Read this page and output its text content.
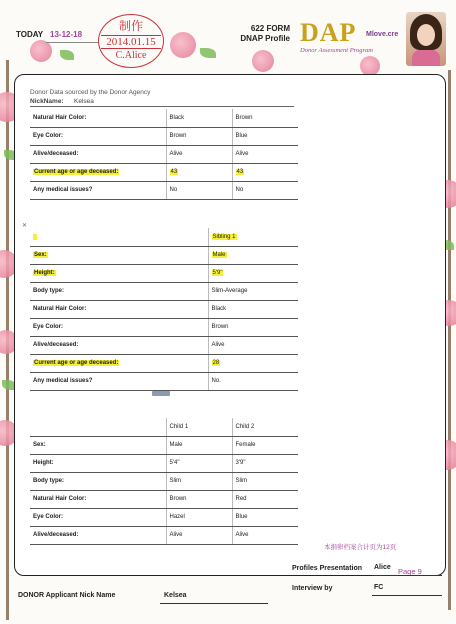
TODAY 13-12-18
制作
2014.01.15
C.Alice
622 FORM
DNAP Profile DAP	Mlove.cre
Donor Assessment Program
Donor Data sourced by the Donor Agency
NickName: Kelsea
Natural Hair Color:	Black	Brown
Eye Color:	Brown	Blue
Alive/deceased:	Alive	Alive
Current age or age deceased:	43	43
Any medical issues?	No	No
✕
	Sibling 1
Sex:	Male
Height:	5'9"
Body type:	Slim-Average
Natural Hair Color:	Black
Eye Color:	Brown
Alive/deceased:	Alive
Current age or age deceased:	28
Any medical issues?	No.
	Child 1	Child 2
Sex:	Male	Female
Height:	5'4"	3'9"
Body type:	Slim	Slim
Natural Hair Color:	Brown	Red
Eye Color:	Hazel	Blue
Alive/deceased:	Alive	Alive
本捐卵档案合计页为12页
Profiles Presentation Alice Page 9
Interview by	FC
DONOR Applicant Nick Name	Kelsea
